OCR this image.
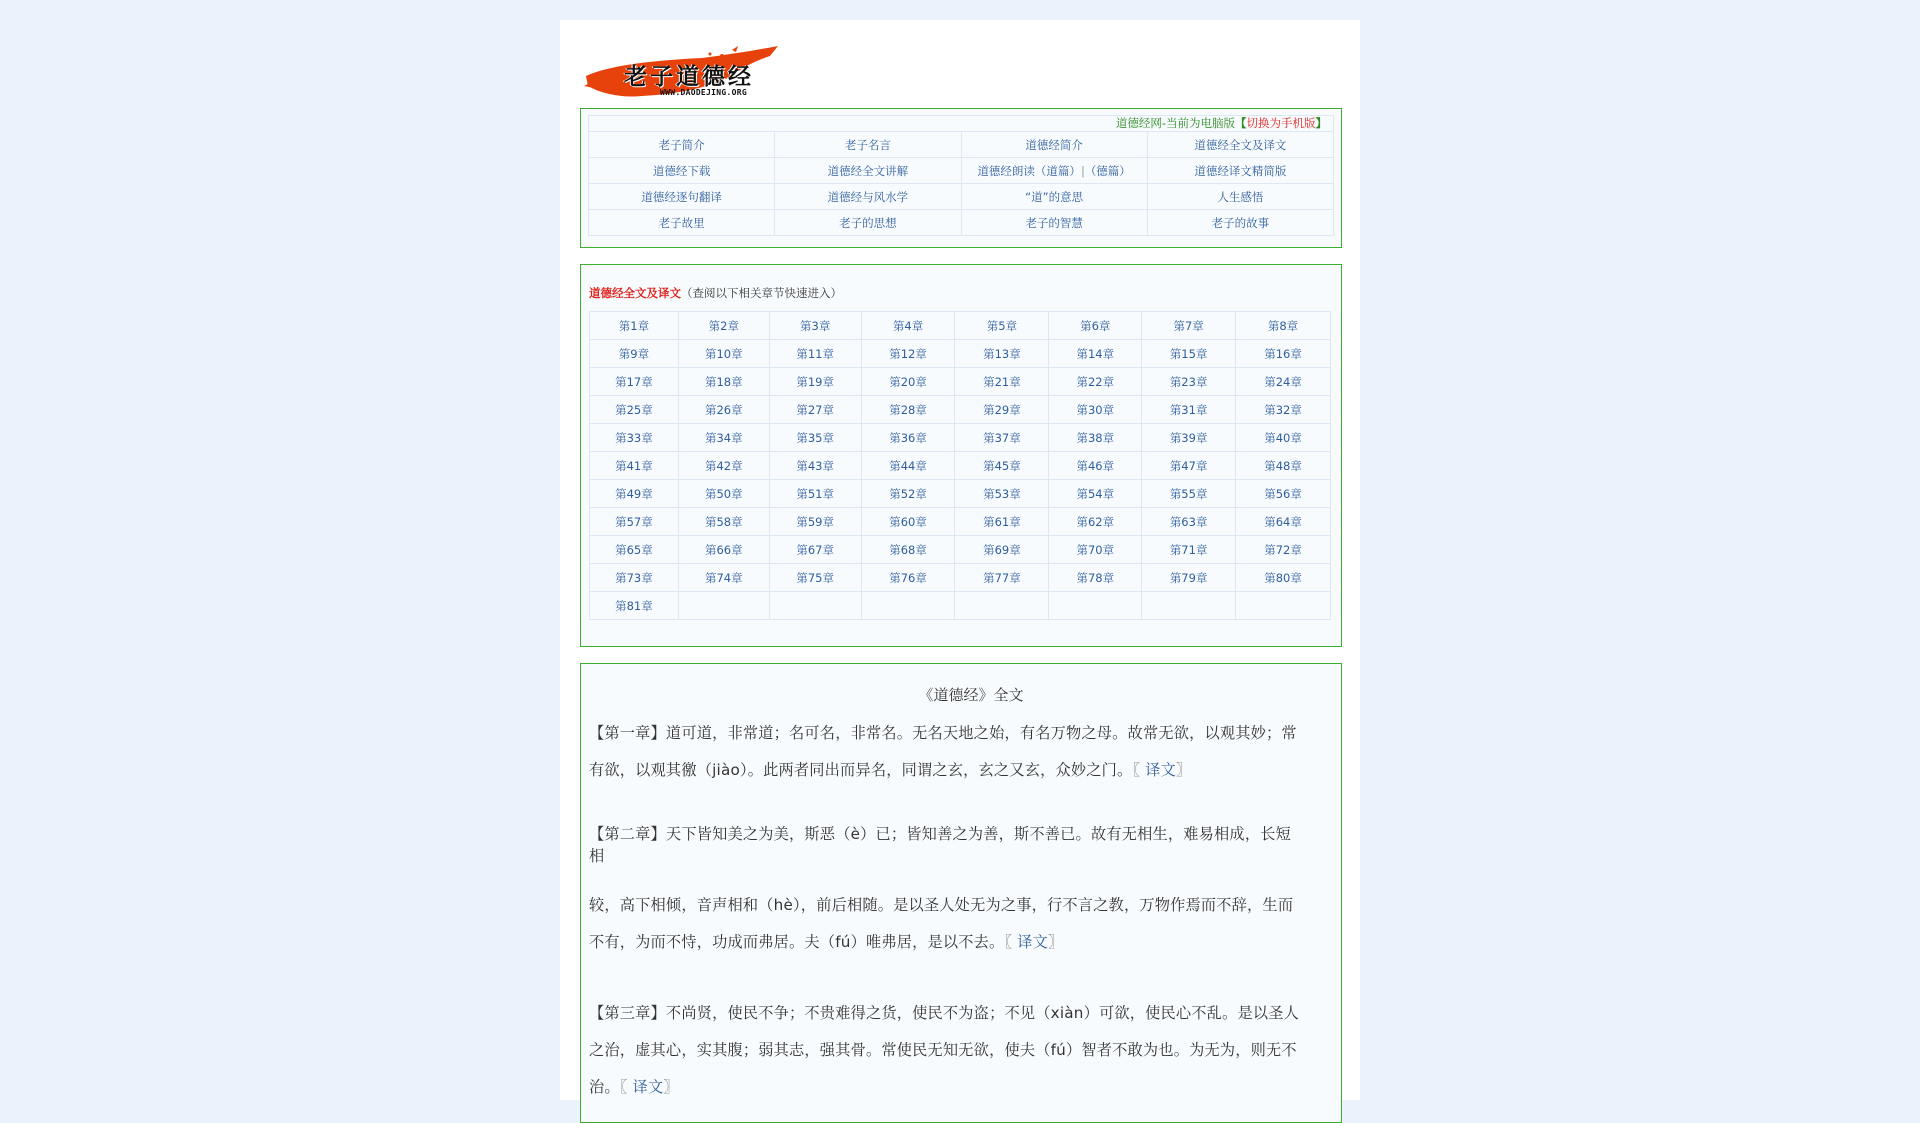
老子道德经
WWW.DAODEJING.ORG
道德经网-当前为电脑版【切换为手机版】
老子简介	老子名言	道德经简介	道德经全文及译文
道德经下载	道德经全文讲解	道德经朗读（道篇）|（德篇）	道德经译文精简版
道德经逐句翻译	道德经与风水学	“道”的意思	人生感悟
老子故里	老子的思想	老子的智慧	老子的故事
道德经全文及译文（查阅以下相关章节快速进入）
第1章	第2章	第3章	第4章	第5章	第6章	第7章	第8章
第9章	第10章	第11章	第12章	第13章	第14章	第15章	第16章
第17章	第18章	第19章	第20章	第21章	第22章	第23章	第24章
第25章	第26章	第27章	第28章	第29章	第30章	第31章	第32章
第33章	第34章	第35章	第36章	第37章	第38章	第39章	第40章
第41章	第42章	第43章	第44章	第45章	第46章	第47章	第48章
第49章	第50章	第51章	第52章	第53章	第54章	第55章	第56章
第57章	第58章	第59章	第60章	第61章	第62章	第63章	第64章
第65章	第66章	第67章	第68章	第69章	第70章	第71章	第72章
第73章	第74章	第75章	第76章	第77章	第78章	第79章	第80章
第81章							
《道德经》全文
【第一章】道可道，非常道；名可名，非常名。无名天地之始，有名万物之母。故常无欲，以观其妙；常
有欲，以观其徼（jiào）。此两者同出而异名，同谓之玄，玄之又玄，众妙之门。〖 译文〗
【第二章】天下皆知美之为美，斯恶（è）已；皆知善之为善，斯不善已。故有无相生，难易相成，长短
相
较，高下相倾，音声相和（hè），前后相随。是以圣人处无为之事，行不言之教，万物作焉而不辞，生而
不有，为而不恃，功成而弗居。夫（fú）唯弗居，是以不去。〖 译文〗
【第三章】不尚贤，使民不争；不贵难得之货，使民不为盗；不见（xiàn）可欲，使民心不乱。是以圣人
之治，虚其心，实其腹；弱其志，强其骨。常使民无知无欲，使夫（fú）智者不敢为也。为无为，则无不
治。〖 译文〗
